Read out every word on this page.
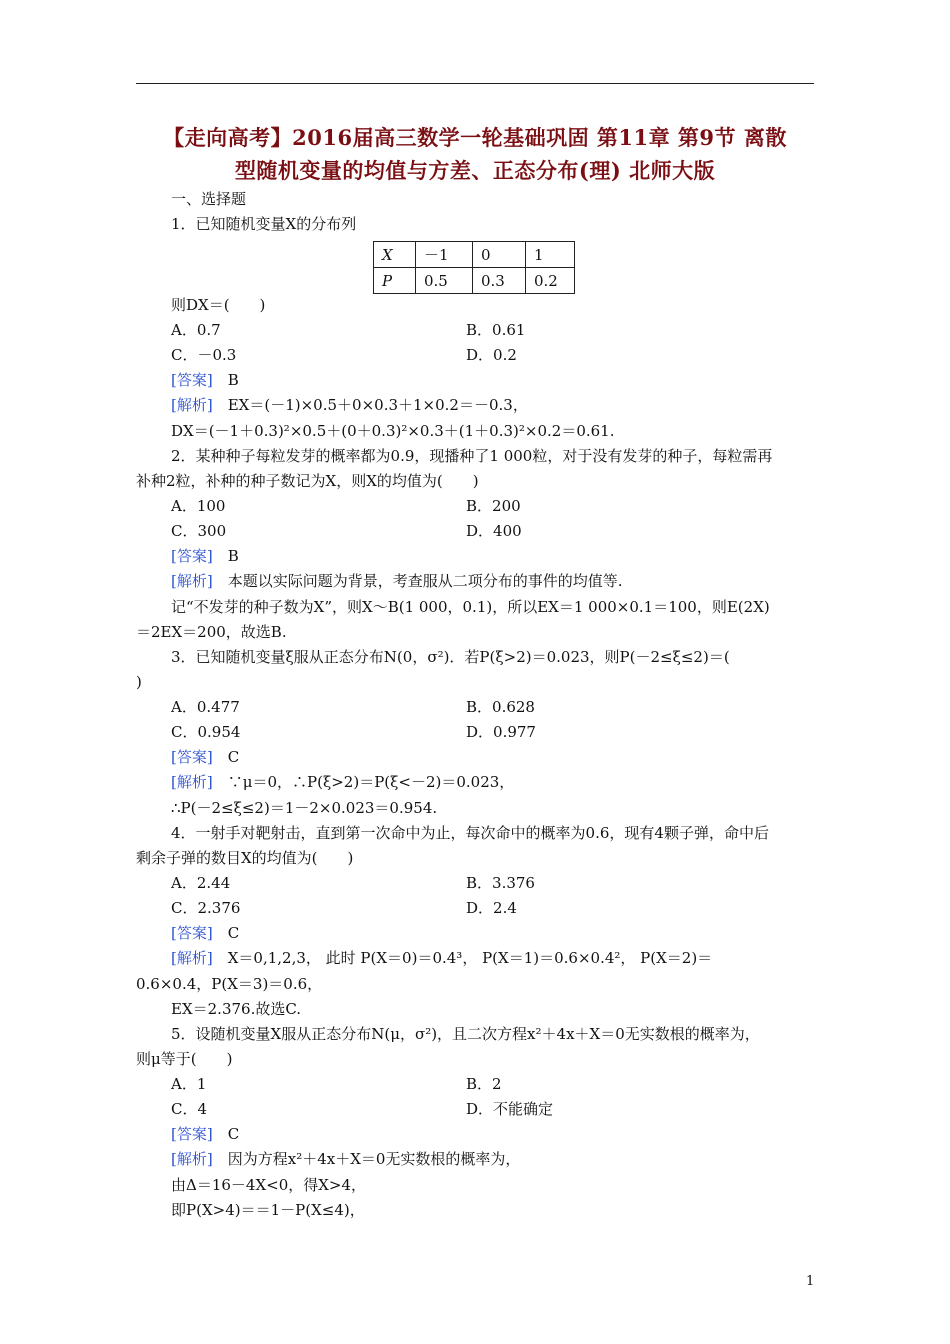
【走向高考】2016届高三数学一轮基础巩固 第11章 第9节 离散
型随机变量的均值与方差、正态分布(理) 北师大版
一、选择题
1．已知随机变量X的分布列
X	－1	0	1
P	0.5	0.3	0.2
则DX＝(　　)
A．0.7	B．0.61
C．－0.3	D．0.2
[答案]　 B
[解析]　 EX＝(－1)×0.5＋0×0.3＋1×0.2＝－0.3，
DX＝(－1＋0.3)²×0.5＋(0＋0.3)²×0.3＋(1＋0.3)²×0.2＝0.61.
2．某种种子每粒发芽的概率都为0.9，现播种了1 000粒，对于没有发芽的种子，每粒需再
补种2粒，补种的种子数记为X，则X的均值为(　　)
A．100	B．200
C．300	D．400
[答案]　 B
[解析]　 本题以实际问题为背景，考查服从二项分布的事件的均值等.
记“不发芽的种子数为X”，则X～B(1 000，0.1)，所以EX＝1 000×0.1＝100，则E(2X)
＝2EX＝200，故选B.
3．已知随机变量ξ服从正态分布N(0，σ²)．若P(ξ>2)＝0.023，则P(－2≤ξ≤2)＝(
)
A．0.477	B．0.628
C．0.954	D．0.977
[答案]　 C
[解析]　 ∵μ＝0，∴P(ξ>2)＝P(ξ<－2)＝0.023，
∴P(－2≤ξ≤2)＝1－2×0.023＝0.954.
4．一射手对靶射击，直到第一次命中为止，每次命中的概率为0.6，现有4颗子弹，命中后
剩余子弹的数目X的均值为(　　)
A．2.44	B．3.376
C．2.376	D．2.4
[答案]　 C
[解析]　 X＝0,1,2,3， 此时 P(X＝0)＝0.4³， P(X＝1)＝0.6×0.4²， P(X＝2)＝
0.6×0.4，P(X＝3)＝0.6，
EX＝2.376.故选C.
5．设随机变量X服从正态分布N(μ，σ²)，且二次方程x²＋4x＋X＝0无实数根的概率为，
则μ等于(　　)
A．1	B．2
C．4	D．不能确定
[答案]　 C
[解析]　 因为方程x²＋4x＋X＝0无实数根的概率为，
由Δ＝16－4X<0，得X>4，
即P(X>4)＝＝1－P(X≤4)，
1
